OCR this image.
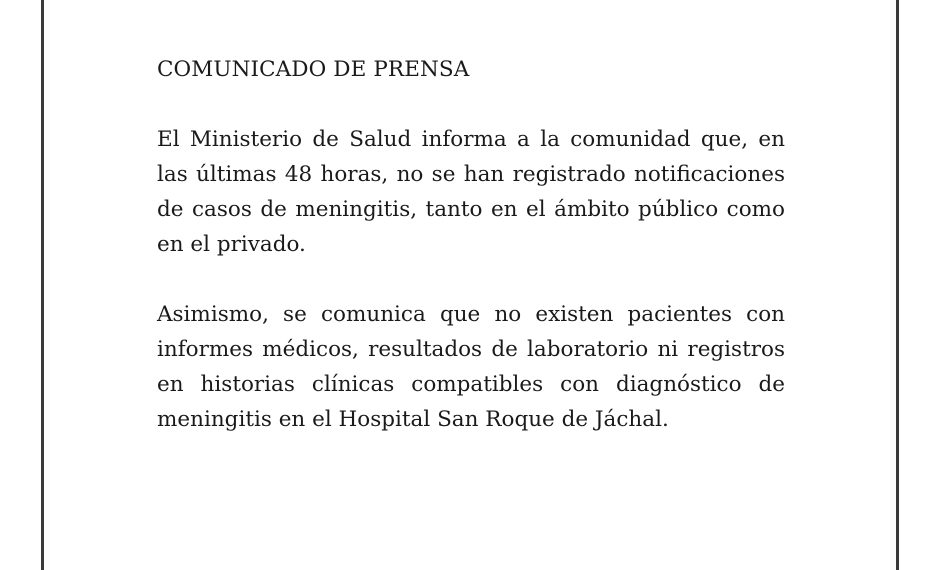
COMUNICADO DE PRENSA

El Ministerio de Salud informa a la comunidad que, en las últimas 48 horas, no se han registrado notificaciones de casos de meningitis, tanto en el ámbito público como en el privado.

Asimismo, se comunica que no existen pacientes con informes médicos, resultados de laboratorio ni registros en historias clínicas compatibles con diagnóstico de meningitis en el Hospital San Roque de Jáchal.
